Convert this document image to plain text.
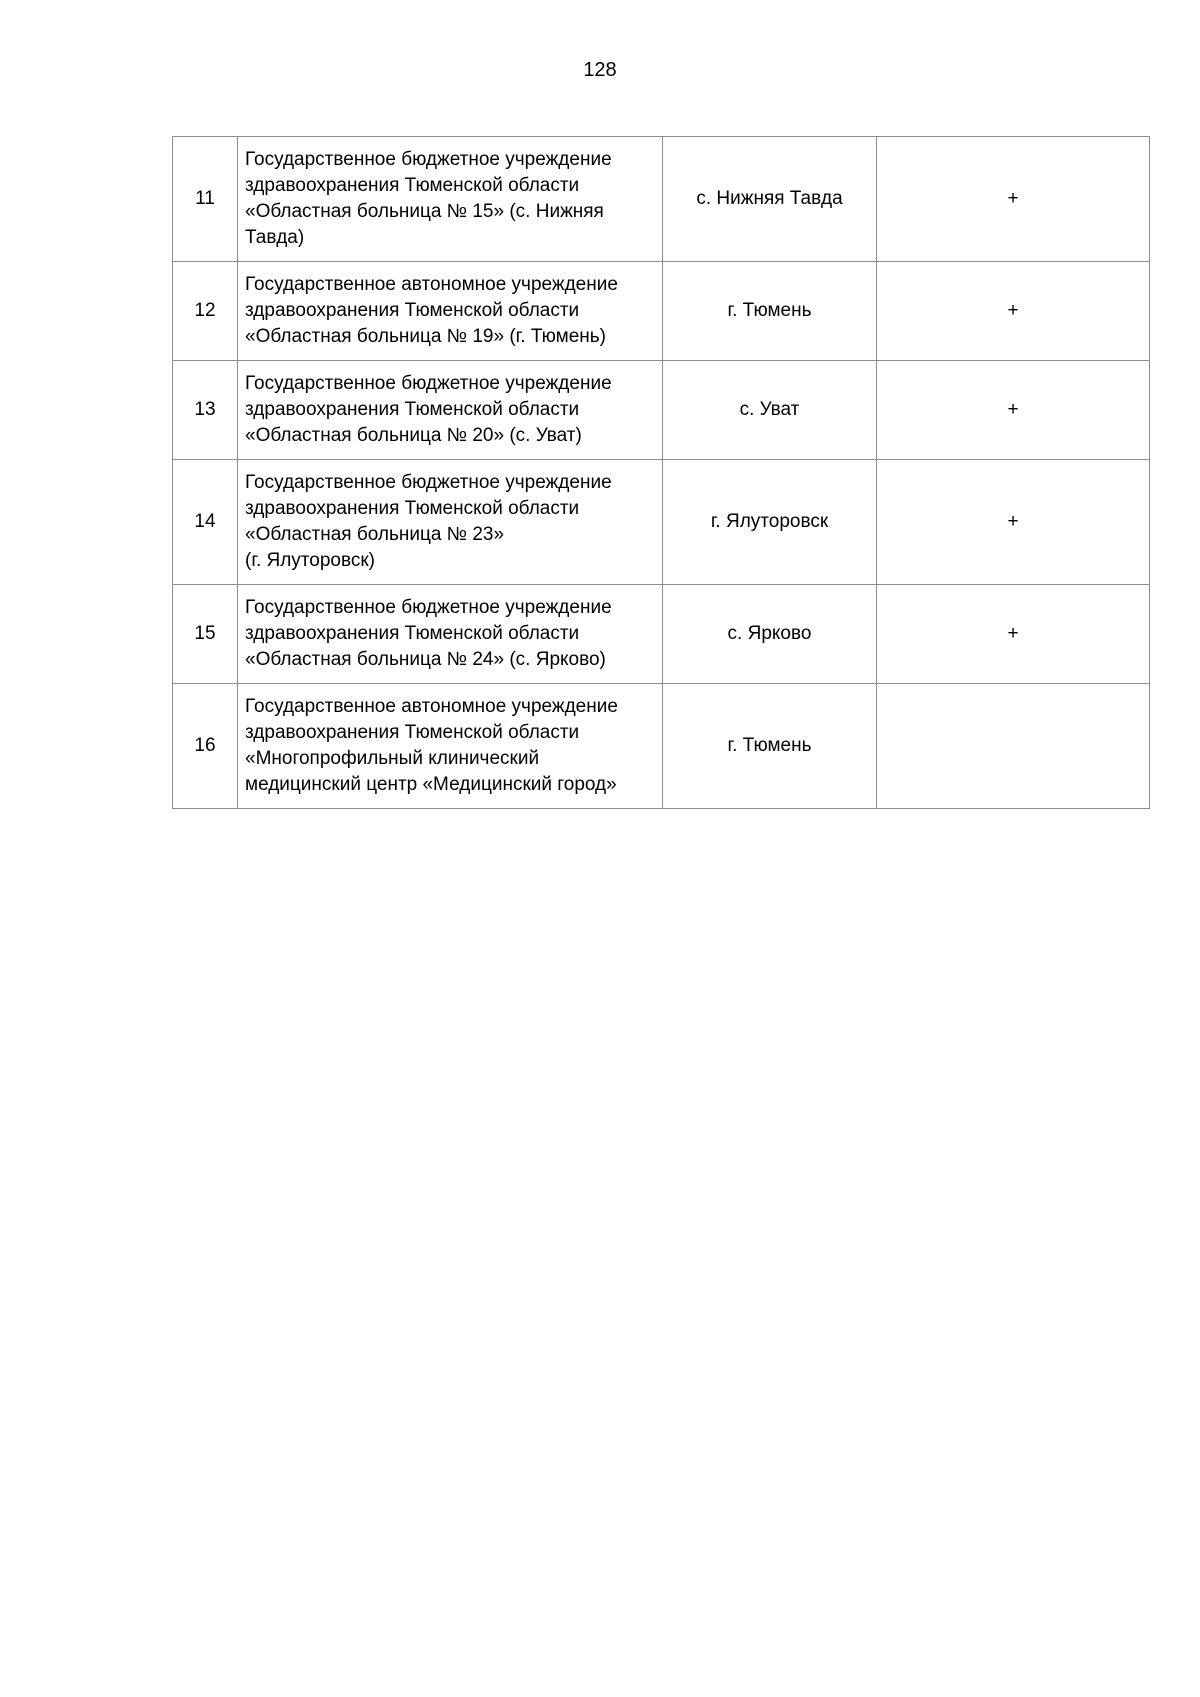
128
11	Государственное бюджетное учреждение
здравоохранения Тюменской области
«Областная больница № 15» (с. Нижняя
Тавда)	с. Нижняя Тавда	+
12	Государственное автономное учреждение
здравоохранения Тюменской области
«Областная больница № 19» (г. Тюмень)	г. Тюмень	+
13	Государственное бюджетное учреждение
здравоохранения Тюменской области
«Областная больница № 20» (с. Уват)	с. Уват	+
14	Государственное бюджетное учреждение
здравоохранения Тюменской области
«Областная больница № 23»
(г. Ялуторовск)	г. Ялуторовск	+
15	Государственное бюджетное учреждение
здравоохранения Тюменской области
«Областная больница № 24» (с. Ярково)	с. Ярково	+
16	Государственное автономное учреждение
здравоохранения Тюменской области
«Многопрофильный клинический
медицинский центр «Медицинский город»	г. Тюмень	
